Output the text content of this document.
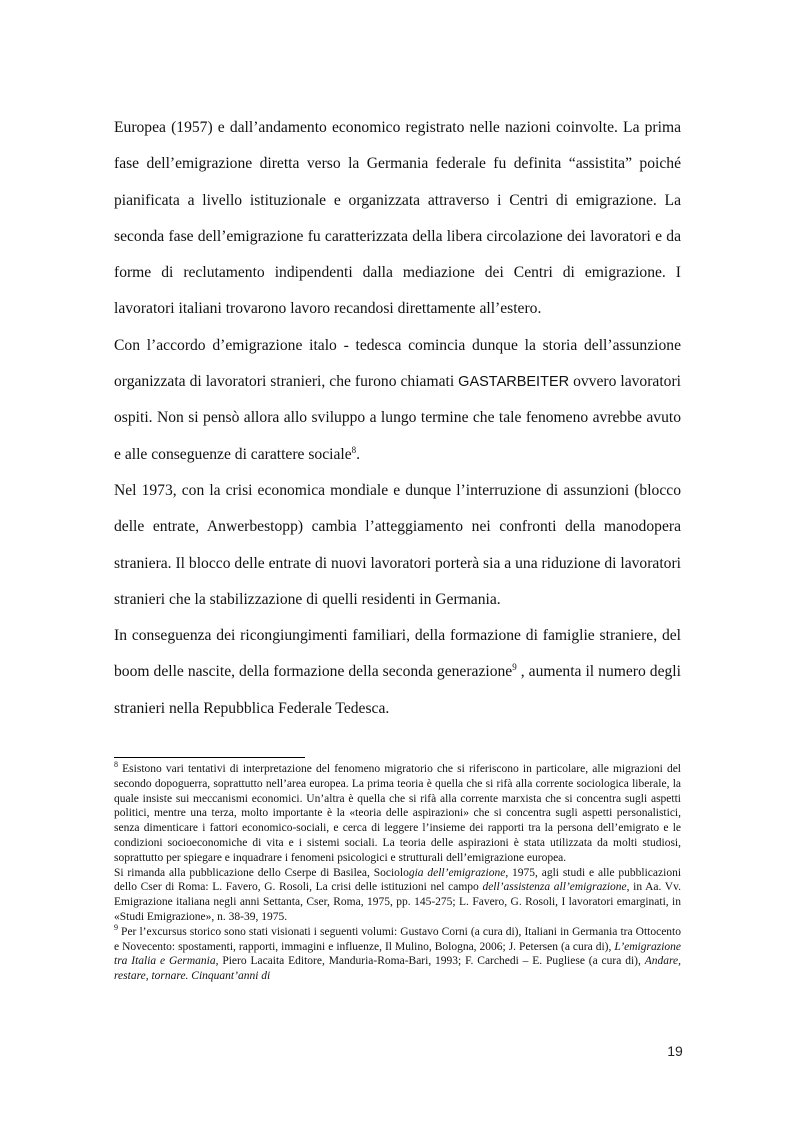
Europea (1957) e dall’andamento economico registrato nelle nazioni coinvolte. La prima fase dell’emigrazione diretta verso la Germania federale fu definita “assistita” poiché pianificata a livello istituzionale e organizzata attraverso i Centri di emigrazione. La seconda fase dell’emigrazione fu caratterizzata della libera circolazione dei lavoratori e da forme di reclutamento indipendenti dalla mediazione dei Centri di emigrazione. I lavoratori italiani trovarono lavoro recandosi direttamente all’estero.

Con l’accordo d’emigrazione italo - tedesca comincia dunque la storia dell’assunzione organizzata di lavoratori stranieri, che furono chiamati GASTARBEITER ovvero lavoratori ospiti. Non si pensò allora allo sviluppo a lungo termine che tale fenomeno avrebbe avuto e alle conseguenze di carattere sociale$^8$.

Nel 1973, con la crisi economica mondiale e dunque l’interruzione di assunzioni (blocco delle entrate, Anwerbestopp) cambia l’atteggiamento nei confronti della manodopera straniera. Il blocco delle entrate di nuovi lavoratori porterà sia a una riduzione di lavoratori stranieri che la stabilizzazione di quelli residenti in Germania.

In conseguenza dei ricongiungimenti familiari, della formazione di famiglie straniere, del boom delle nascite, della formazione della seconda generazione$^9$ , aumenta il numero degli stranieri nella Repubblica Federale Tedesca.

$^8$ Esistono vari tentativi di interpretazione del fenomeno migratorio che si riferiscono in particolare, alle migrazioni del secondo dopoguerra, soprattutto nell’area europea. La prima teoria è quella che si rifà alla corrente sociologica liberale, la quale insiste sui meccanismi economici. Un’altra è quella che si rifà alla corrente marxista che si concentra sugli aspetti politici, mentre una terza, molto importante è la «teoria delle aspirazioni» che si concentra sugli aspetti personalistici, senza dimenticare i fattori economico-sociali, e cerca di leggere l’insieme dei rapporti tra la persona dell’emigrato e le condizioni socioeconomiche di vita e i sistemi sociali. La teoria delle aspirazioni è stata utilizzata da molti studiosi, soprattutto per spiegare e inquadrare i fenomeni psicologici e strutturali dell’emigrazione europea.

Si rimanda alla pubblicazione dello Cserpe di Basilea, Sociologia dell’emigrazione, 1975, agli studi e alle pubblicazioni dello Cser di Roma: L. Favero, G. Rosoli, La crisi delle istituzioni nel campo dell’assistenza all’emigrazione, in Aa. Vv. Emigrazione italiana negli anni Settanta, Cser, Roma, 1975, pp. 145-275; L. Favero, G. Rosoli, I lavoratori emarginati, in «Studi Emigrazione», n. 38-39, 1975.

$^9$ Per l’excursus storico sono stati visionati i seguenti volumi: Gustavo Corni (a cura di), Italiani in Germania tra Ottocento e Novecento: spostamenti, rapporti, immagini e influenze, Il Mulino, Bologna, 2006; J. Petersen (a cura di), L’emigrazione tra Italia e Germania, Piero Lacaita Editore, Manduria-Roma-Bari, 1993; F. Carchedi – E. Pugliese (a cura di), Andare, restare, tornare. Cinquant’anni di

19
